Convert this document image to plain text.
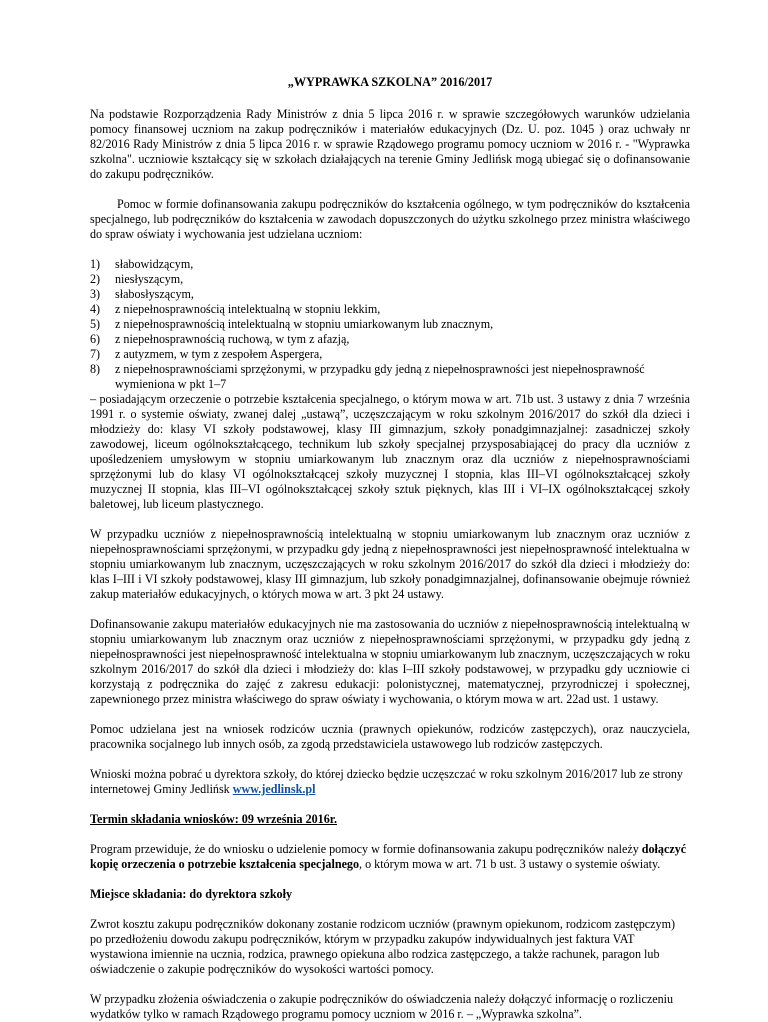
„WYPRAWKA SZKOLNA” 2016/2017

Na podstawie Rozporządzenia Rady Ministrów z dnia 5 lipca 2016 r. w sprawie szczegółowych warunków udzielania pomocy finansowej uczniom na zakup podręczników i materiałów edukacyjnych (Dz. U. poz. 1045 ) oraz uchwały nr 82/2016 Rady Ministrów z dnia 5 lipca 2016 r. w sprawie Rządowego programu pomocy uczniom w 2016 r. - "Wyprawka szkolna". uczniowie kształcący się w szkołach działających na terenie Gminy Jedlińsk mogą ubiegać się o dofinansowanie do zakupu podręczników.

Pomoc w formie dofinansowania zakupu podręczników do kształcenia ogólnego, w tym podręczników do kształcenia specjalnego, lub podręczników do kształcenia w zawodach dopuszczonych do użytku szkolnego przez ministra właściwego do spraw oświaty i wychowania jest udzielana uczniom:

1) słabowidzącym,
2) niesłyszącym,
3) słabosłyszącym,
4) z niepełnosprawnością intelektualną w stopniu lekkim,
5) z niepełnosprawnością intelektualną w stopniu umiarkowanym lub znacznym,
6) z niepełnosprawnością ruchową, w tym z afazją,
7) z autyzmem, w tym z zespołem Aspergera,
8) z niepełnosprawnościami sprzężonymi, w przypadku gdy jedną z niepełnosprawności jest niepełnosprawność wymieniona w pkt 1–7

– posiadającym orzeczenie o potrzebie kształcenia specjalnego, o którym mowa w art. 71b ust. 3 ustawy z dnia 7 września 1991 r. o systemie oświaty, zwanej dalej „ustawą”, uczęszczającym w roku szkolnym 2016/2017 do szkół dla dzieci i młodzieży do: klasy VI szkoły podstawowej, klasy III gimnazjum, szkoły ponadgimnazjalnej: zasadniczej szkoły zawodowej, liceum ogólnokształcącego, technikum lub szkoły specjalnej przysposabiającej do pracy dla uczniów z upośledzeniem umysłowym w stopniu umiarkowanym lub znacznym oraz dla uczniów z niepełnosprawnościami sprzężonymi lub do klasy VI ogólnokształcącej szkoły muzycznej I stopnia, klas III–VI ogólnokształcącej szkoły muzycznej II stopnia, klas III–VI ogólnokształcącej szkoły sztuk pięknych, klas III i VI–IX ogólnokształcącej szkoły baletowej, lub liceum plastycznego.

W przypadku uczniów z niepełnosprawnością intelektualną w stopniu umiarkowanym lub znacznym oraz uczniów z niepełnosprawnościami sprzężonymi, w przypadku gdy jedną z niepełnosprawności jest niepełnosprawność intelektualna w stopniu umiarkowanym lub znacznym, uczęszczających w roku szkolnym 2016/2017 do szkół dla dzieci i młodzieży do: klas I–III i VI szkoły podstawowej, klasy III gimnazjum, lub szkoły ponadgimnazjalnej, dofinansowanie obejmuje również zakup materiałów edukacyjnych, o których mowa w art. 3 pkt 24 ustawy.

Dofinansowanie zakupu materiałów edukacyjnych nie ma zastosowania do uczniów z niepełnosprawnością intelektualną w stopniu umiarkowanym lub znacznym oraz uczniów z niepełnosprawnościami sprzężonymi, w przypadku gdy jedną z niepełnosprawności jest niepełnosprawność intelektualna w stopniu umiarkowanym lub znacznym, uczęszczających w roku szkolnym 2016/2017 do szkół dla dzieci i młodzieży do: klas I–III szkoły podstawowej, w przypadku gdy uczniowie ci korzystają z podręcznika do zajęć z zakresu edukacji: polonistycznej, matematycznej, przyrodniczej i społecznej, zapewnionego przez ministra właściwego do spraw oświaty i wychowania, o którym mowa w art. 22ad ust. 1 ustawy.

Pomoc udzielana jest na wniosek rodziców ucznia (prawnych opiekunów, rodziców zastępczych), oraz nauczyciela, pracownika socjalnego lub innych osób, za zgodą przedstawiciela ustawowego lub rodziców zastępczych.

Wnioski można pobrać u dyrektora szkoły, do której dziecko będzie uczęszczać w roku szkolnym 2016/2017 lub ze strony internetowej Gminy Jedlińsk www.jedlinsk.pl

Termin składania wniosków: 09 września 2016r.

Program przewiduje, że do wniosku o udzielenie pomocy w formie dofinansowania zakupu podręczników należy dołączyć kopię orzeczenia o potrzebie kształcenia specjalnego, o którym mowa w art. 71 b ust. 3 ustawy o systemie oświaty.

Miejsce składania: do dyrektora szkoły

Zwrot kosztu zakupu podręczników dokonany zostanie rodzicom uczniów (prawnym opiekunom, rodzicom zastępczym) po przedłożeniu dowodu zakupu podręczników, którym w przypadku zakupów indywidualnych jest faktura VAT wystawiona imiennie na ucznia, rodzica, prawnego opiekuna albo rodzica zastępczego, a także rachunek, paragon lub oświadczenie o zakupie podręczników do wysokości wartości pomocy.

W przypadku złożenia oświadczenia o zakupie podręczników do oświadczenia należy dołączyć informację o rozliczeniu wydatków tylko w ramach Rządowego programu pomocy uczniom w 2016 r. – „Wyprawka szkolna”.
